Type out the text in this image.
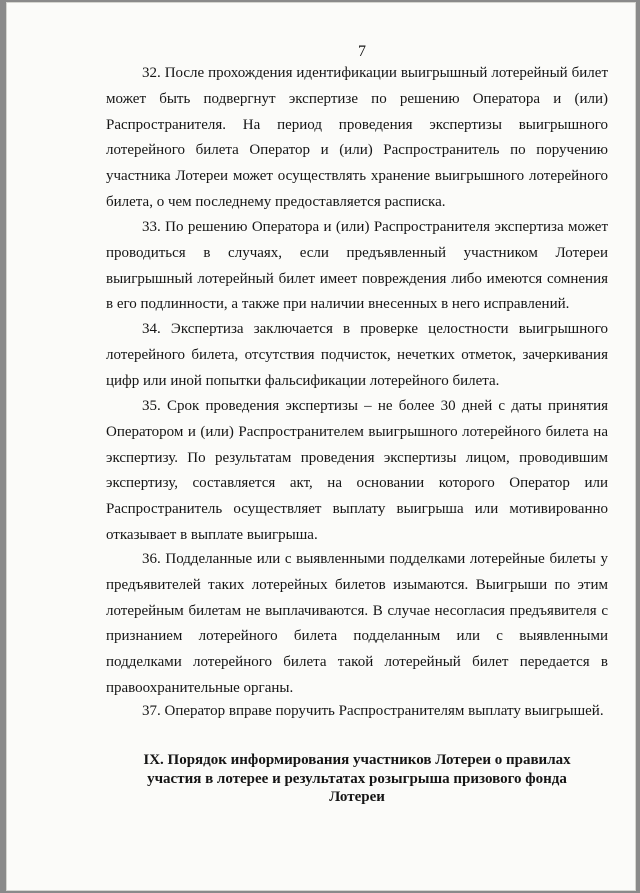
7

32. После прохождения идентификации выигрышный лотерейный билет может быть подвергнут экспертизе по решению Оператора и (или) Распространителя. На период проведения экспертизы выигрышного лотерейного билета Оператор и (или) Распространитель по поручению участника Лотереи может осуществлять хранение выигрышного лотерейного билета, о чем последнему предоставляется расписка.

33. По решению Оператора и (или) Распространителя экспертиза может проводиться в случаях, если предъявленный участником Лотереи выигрышный лотерейный билет имеет повреждения либо имеются сомнения в его подлинности, а также при наличии внесенных в него исправлений.

34. Экспертиза заключается в проверке целостности выигрышного лотерейного билета, отсутствия подчисток, нечетких отметок, зачеркивания цифр или иной попытки фальсификации лотерейного билета.

35. Срок проведения экспертизы – не более 30 дней с даты принятия Оператором и (или) Распространителем выигрышного лотерейного билета на экспертизу. По результатам проведения экспертизы лицом, проводившим экспертизу, составляется акт, на основании которого Оператор или Распространитель осуществляет выплату выигрыша или мотивированно отказывает в выплате выигрыша.

36. Подделанные или с выявленными подделками лотерейные билеты у предъявителей таких лотерейных билетов изымаются. Выигрыши по этим лотерейным билетам не выплачиваются. В случае несогласия предъявителя с признанием лотерейного билета подделанным или с выявленными подделками лотерейного билета такой лотерейный билет передается в правоохранительные органы.

37. Оператор вправе поручить Распространителям выплату выигрышей.

IX. Порядок информирования участников Лотереи о правилах участия в лотерее и результатах розыгрыша призового фонда Лотереи
